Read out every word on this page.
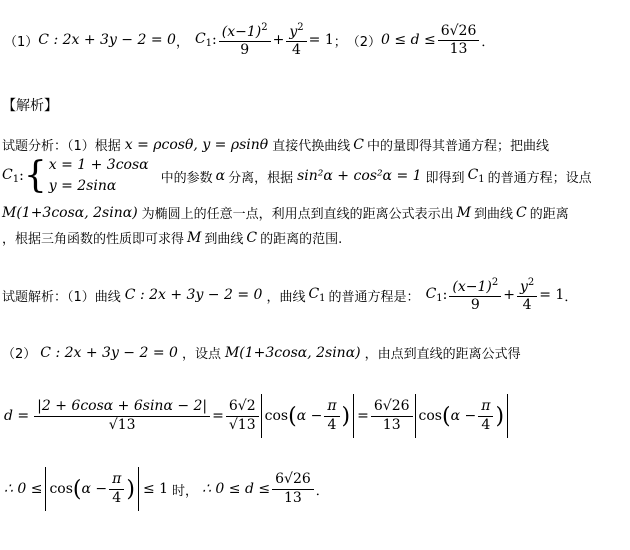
（1） C : 2x + 3y − 2 = 0 ， $C_1$ : $\frac{(x-1)^2}{9} + \frac{y^2}{4} = 1$ ； （2） $0 \le d \le \frac{6√26}{13}$ ．
【解析】
试题分析：（1）根据 x = ρcosθ, y = ρsinθ 直接代换曲线 C 中的量即得其普通方程；把曲线
$C_1$ : { x = 1 + 3cosα
y = 2sinα	中的参数 α 分离，根据 sin²α + cos²α = 1 即得到 $C_1$ 的普通方程；设点
M(1+3cosα, 2sinα) 为椭圆上的任意一点，利用点到直线的距离公式表示出 M 到曲线 C 的距离
，根据三角函数的性质即可求得 M 到曲线 C 的距离的范围.
试题解析：（1）曲线 C : 2x + 3y − 2 = 0 ，曲线 $C_1$ 的普通方程是： $C_1$ : $\frac{(x-1)^2}{9} + \frac{y^2}{4} = 1$ ．
（2） C : 2x + 3y − 2 = 0 ，设点 M(1+3cosα, 2sinα) ，由点到直线的距离公式得
$d = \frac{|2 + 6\cos\alpha + 6\sin\alpha - 2|}{√13} = \frac{6√2}{√13}$ cos ( $\alpha - \frac{\pi}{4}$ ) = $\frac{6√26}{13}$ cos ( $\alpha - \frac{\pi}{4}$ )
∴ 0 ≤ cos ( $\alpha - \frac{\pi}{4}$ ) ≤ 1 时， ∴ $0 \le d \le \frac{6√26}{13}$ ．
